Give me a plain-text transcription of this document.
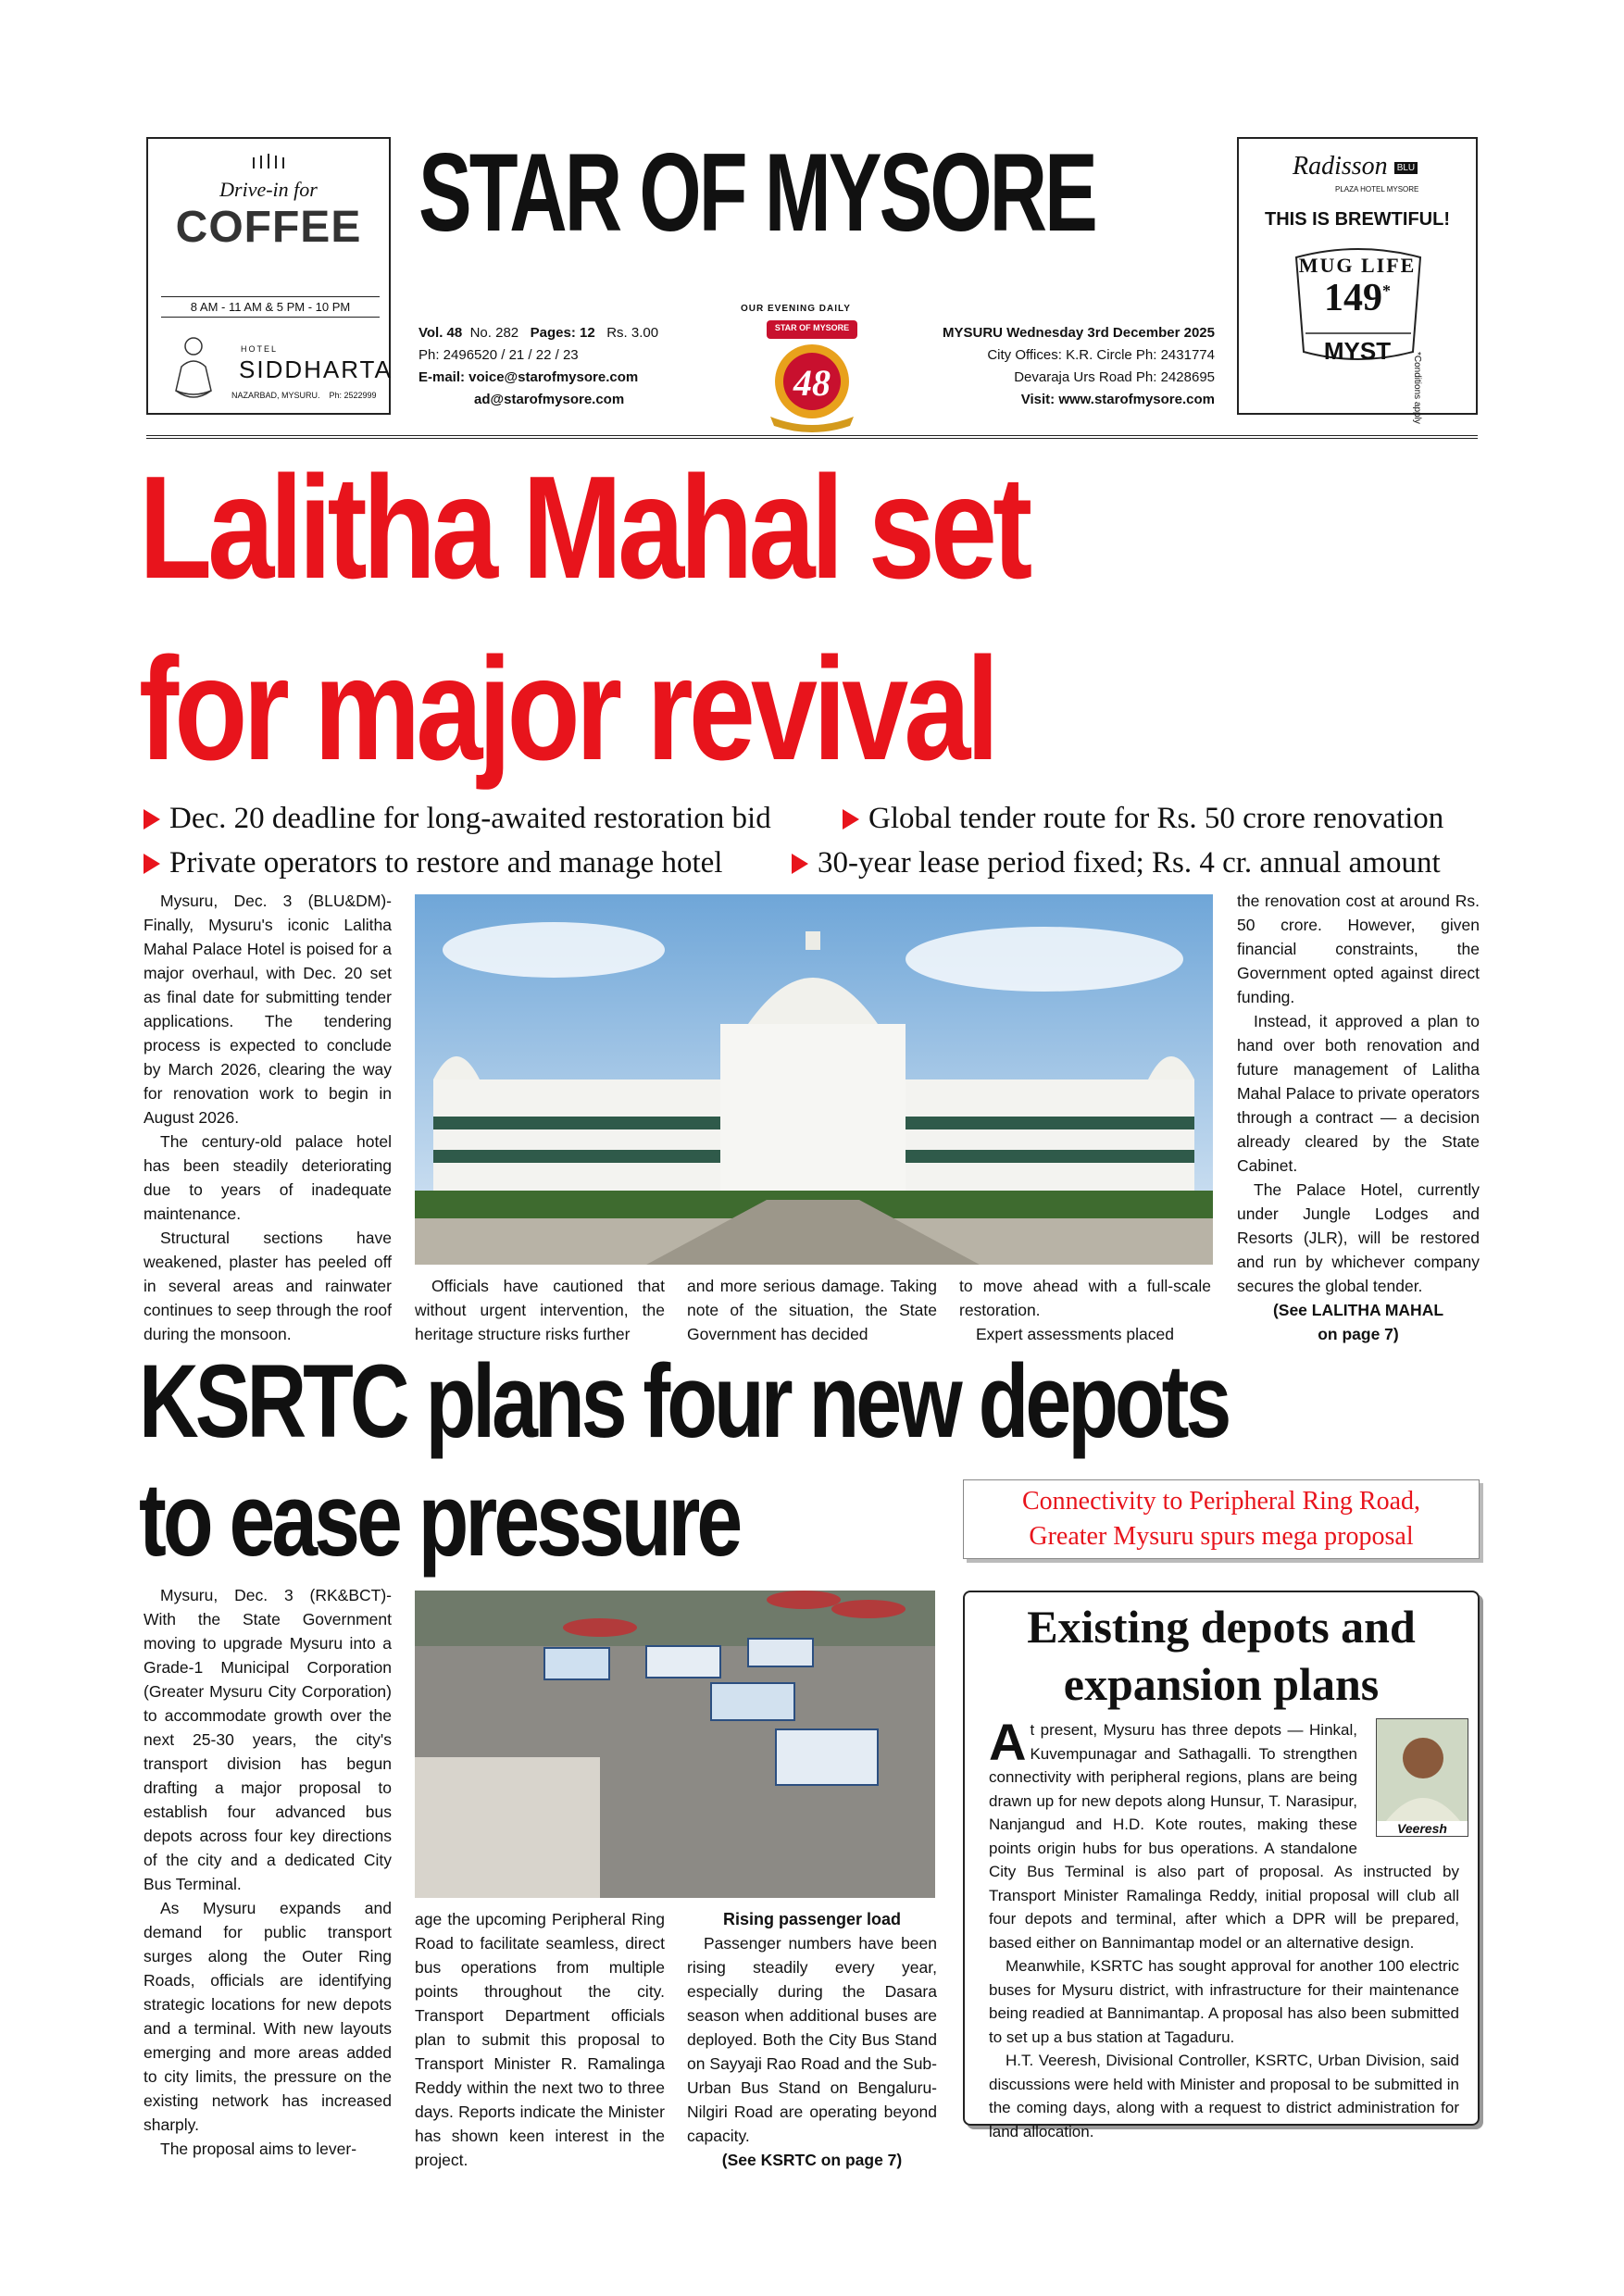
Drive-in for
COFFEE
8 AM - 11 AM & 5 PM - 10 PM
HOTEL
SIDDHARTA
NAZARBAD, MYSURU.    Ph: 2522999
STAR OF MYSORE
OUR EVENING DAILY
Vol. 48 No. 282 Pages: 12 Rs. 3.00
Ph: 2496520 / 21 / 22 / 23
E-mail: voice@starofmysore.com
ad@starofmysore.com
STAR OF MYSORE
48
MYSURU Wednesday 3rd December 2025
City Offices: K.R. Circle Ph: 2431774
Devaraja Urs Road Ph: 2428695
Visit: www.starofmysore.com
Radisson BLU
PLAZA HOTEL MYSORE
THIS IS BREWTIFUL!
MUG LIFE
149*
MYST
*Conditions apply
Lalitha Mahal set
for major revival
Dec. 20 deadline for long-awaited restoration bid	Global tender route for Rs. 50 crore renovation
Private operators to restore and manage hotel	30-year lease period fixed; Rs. 4 cr. annual amount

Mysuru, Dec. 3 (BLU&DM)- Finally, Mysuru's iconic Lalitha Mahal Palace Hotel is poised for a major overhaul, with Dec. 20 set as final date for submitting tender applications. The tendering process is expected to conclude by March 2026, clearing the way for renovation work to begin in August 2026.

The century-old palace hotel has been steadily deteriorating due to years of inadequate maintenance.

Structural sections have weakened, plaster has peeled off in several areas and rainwater continues to seep through the roof during the monsoon.

Officials have cautioned that without urgent intervention, the heritage structure risks further

and more serious damage. Taking note of the situation, the State Government has decided

to move ahead with a full-scale restoration.

Expert assessments placed

the renovation cost at around Rs. 50 crore. However, given financial constraints, the Government opted against direct funding.

Instead, it approved a plan to hand over both renovation and future management of Lalitha Mahal Palace to private operators through a contract — a decision already cleared by the State Cabinet.

The Palace Hotel, currently under Jungle Lodges and Resorts (JLR), will be restored and run by whichever company secures the global tender.

(See LALITHA MAHAL
on page 7)
KSRTC plans four new depots
to ease pressure	Connectivity to Peripheral Ring Road,
Greater Mysuru spurs mega proposal

Mysuru, Dec. 3 (RK&BCT)- With the State Government moving to upgrade Mysuru into a Grade-1 Municipal Corporation (Greater Mysuru City Corporation) to accommodate growth over the next 25-30 years, the city's transport division has begun drafting a major proposal to establish four advanced bus depots across four key directions of the city and a dedicated City Bus Terminal.

As Mysuru expands and demand for public transport surges along the Outer Ring Roads, officials are identifying strategic locations for new depots and a terminal. With new layouts emerging and more areas added to city limits, the pressure on the existing network has increased sharply.

The proposal aims to lever-

age the upcoming Peripheral Ring Road to facilitate seamless, direct bus operations from multiple points throughout the city. Transport Department officials plan to submit this proposal to Transport Minister R. Ramalinga Reddy within the next two to three days. Reports indicate the Minister has shown keen interest in the project.

Rising passenger load

Passenger numbers have been rising steadily every year, especially during the Dasara season when additional buses are deployed. Both the City Bus Stand on Sayyaji Rao Road and the Sub-Urban Bus Stand on Bengaluru-Nilgiri Road are operating beyond capacity.

(See KSRTC on page 7)
Existing depots and
expansion plans
Veeresh

At present, Mysuru has three depots — Hinkal, Kuvempunagar and Sathagalli. To strengthen connectivity with peripheral regions, plans are being drawn up for new depots along Hunsur, T. Narasipur, Nanjangud and H.D. Kote routes, making these points origin hubs for bus operations. A standalone City Bus Terminal is also part of proposal. As instructed by Transport Minister Ramalinga Reddy, initial proposal will club all four depots and terminal, after which a DPR will be prepared, based either on Bannimantap model or an alternative design.

Meanwhile, KSRTC has sought approval for another 100 electric buses for Mysuru district, with infrastructure for their maintenance being readied at Bannimantap. A proposal has also been submitted to set up a bus station at Tagaduru.

H.T. Veeresh, Divisional Controller, KSRTC, Urban Division, said discussions were held with Minister and proposal to be submitted in the coming days, along with a request to district administration for land allocation.
